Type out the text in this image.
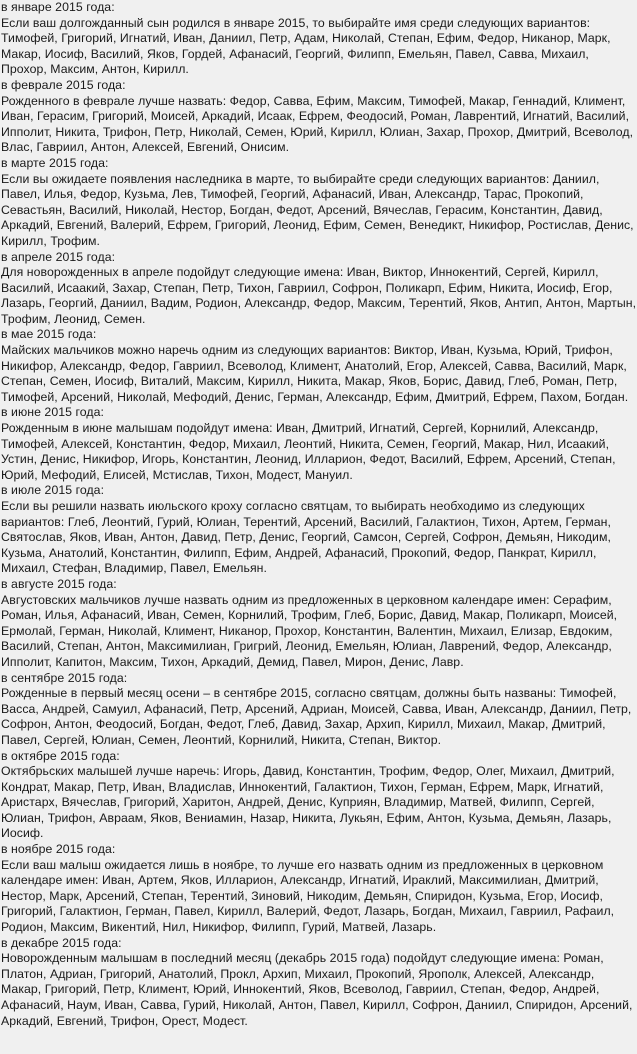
в январе 2015 года:
Если ваш долгожданный сын родился в январе 2015, то выбирайте имя среди следующих вариантов: Тимофей, Григорий, Игнатий, Иван, Даниил, Петр, Адам, Николай, Степан, Ефим, Федор, Никанор, Марк, Макар, Иосиф, Василий, Яков, Гордей, Афанасий, Георгий, Филипп, Емельян, Павел, Савва, Михаил, Прохор, Максим, Антон, Кирилл.
в феврале 2015 года:
Рожденного в феврале лучше назвать: Федор, Савва, Ефим, Максим, Тимофей, Макар, Геннадий, Климент, Иван, Герасим, Григорий, Моисей, Аркадий, Исаак, Ефрем, Феодосий, Роман, Лаврентий, Игнатий, Василий, Ипполит, Никита, Трифон, Петр, Николай, Семен, Юрий, Кирилл, Юлиан, Захар, Прохор, Дмитрий, Всеволод, Влас, Гавриил, Антон, Алексей, Евгений, Онисим.
в марте 2015 года:
Если вы ожидаете появления наследника в марте, то выбирайте среди следующих вариантов: Даниил, Павел, Илья, Федор, Кузьма, Лев, Тимофей, Георгий, Афанасий, Иван, Александр, Тарас, Прокопий, Севастьян, Василий, Николай, Нестор, Богдан, Федот, Арсений, Вячеслав, Герасим, Константин, Давид, Аркадий, Евгений, Валерий, Ефрем, Григорий, Леонид, Ефим, Семен, Венедикт, Никифор, Ростислав, Денис, Кирилл, Трофим.
в апреле 2015 года:
Для новорожденных в апреле подойдут следующие имена: Иван, Виктор, Иннокентий, Сергей, Кирилл, Василий, Исаакий, Захар, Степан, Петр, Тихон, Гавриил, Софрон, Поликарп, Ефим, Никита, Иосиф, Егор, Лазарь, Георгий, Даниил, Вадим, Родион, Александр, Федор, Максим, Терентий, Яков, Антип, Антон, Мартын, Трофим, Леонид, Семен.
в мае 2015 года:
Майских мальчиков можно наречь одним из следующих вариантов: Виктор, Иван, Кузьма, Юрий, Трифон, Никифор, Александр, Федор, Гавриил, Всеволод, Климент, Анатолий, Егор, Алексей, Савва, Василий, Марк, Степан, Семен, Иосиф, Виталий, Максим, Кирилл, Никита, Макар, Яков, Борис, Давид, Глеб, Роман, Петр, Тимофей, Арсений, Николай, Мефодий, Денис, Герман, Александр, Ефим, Дмитрий, Ефрем, Пахом, Богдан.
в июне 2015 года:
Рожденным в июне малышам подойдут имена: Иван, Дмитрий, Игнатий, Сергей, Корнилий, Александр, Тимофей, Алексей, Константин, Федор, Михаил, Леонтий, Никита, Семен, Георгий, Макар, Нил, Исаакий, Устин, Денис, Никифор, Игорь, Константин, Леонид, Илларион, Федот, Василий, Ефрем, Арсений, Степан, Юрий, Мефодий, Елисей, Мстислав, Тихон, Модест, Мануил.
в июле 2015 года:
Если вы решили назвать июльского кроху согласно святцам, то выбирать необходимо из следующих вариантов: Глеб, Леонтий, Гурий, Юлиан, Терентий, Арсений, Василий, Галактион, Тихон, Артем, Герман, Святослав, Яков, Иван, Антон, Давид, Петр, Денис, Георгий, Самсон, Сергей, Софрон, Демьян, Никодим, Кузьма, Анатолий, Константин, Филипп, Ефим, Андрей, Афанасий, Прокопий, Федор, Панкрат, Кирилл, Михаил, Стефан, Владимир, Павел, Емельян.
в августе 2015 года:
Августовских мальчиков лучше назвать одним из предложенных в церковном календаре имен: Серафим, Роман, Илья, Афанасий, Иван, Семен, Корнилий, Трофим, Глеб, Борис, Давид, Макар, Поликарп, Моисей, Ермолай, Герман, Николай, Климент, Никанор, Прохор, Константин, Валентин, Михаил, Елизар, Евдоким, Василий, Степан, Антон, Максимилиан, Григрий, Леонид, Емельян, Юлиан, Лаврений, Федор, Александр, Ипполит, Капитон, Максим, Тихон, Аркадий, Демид, Павел, Мирон, Денис, Лавр.
в сентябре 2015 года:
Рожденные в первый месяц осени – в сентябре 2015, согласно святцам, должны быть названы: Тимофей, Васса, Андрей, Самуил, Афанасий, Петр, Арсений, Адриан, Моисей, Савва, Иван, Александр, Даниил, Петр, Софрон, Антон, Феодосий, Богдан, Федот, Глеб, Давид, Захар, Архип, Кирилл, Михаил, Макар, Дмитрий, Павел, Сергей, Юлиан, Семен, Леонтий, Корнилий, Никита, Степан, Виктор.
в октябре 2015 года:
Октябрьских малышей лучше наречь: Игорь, Давид, Константин, Трофим, Федор, Олег, Михаил, Дмитрий, Кондрат, Макар, Петр, Иван, Владислав, Иннокентий, Галактион, Тихон, Герман, Ефрем, Марк, Игнатий, Аристарх, Вячеслав, Григорий, Харитон, Андрей, Денис, Куприян, Владимир, Матвей, Филипп, Сергей, Юлиан, Трифон, Авраам, Яков, Вениамин, Назар, Никита, Лукьян, Ефим, Антон, Кузьма, Демьян, Лазарь, Иосиф.
в ноябре 2015 года:
Если ваш малыш ожидается лишь в ноябре, то лучше его назвать одним из предложенных в церковном календаре имен: Иван, Артем, Яков, Илларион, Александр, Игнатий, Ираклий, Максимилиан, Дмитрий, Нестор, Марк, Арсений, Степан, Терентий, Зиновий, Никодим, Демьян, Спиридон, Кузьма, Егор, Иосиф, Григорий, Галактион, Герман, Павел, Кирилл, Валерий, Федот, Лазарь, Богдан, Михаил, Гавриил, Рафаил, Родион, Максим, Викентий, Нил, Никифор, Филипп, Гурий, Матвей, Лазарь.
в декабре 2015 года:
Новорожденным малышам в последний месяц (декабрь 2015 года) подойдут следующие имена: Роман, Платон, Адриан, Григорий, Анатолий, Прокл, Архип, Михаил, Прокопий, Ярополк, Алексей, Александр, Макар, Григорий, Петр, Климент, Юрий, Иннокентий, Яков, Всеволод, Гавриил, Степан, Федор, Андрей, Афанасий, Наум, Иван, Савва, Гурий, Николай, Антон, Павел, Кирилл, Софрон, Даниил, Спиридон, Арсений, Аркадий, Евгений, Трифон, Орест, Модест.
